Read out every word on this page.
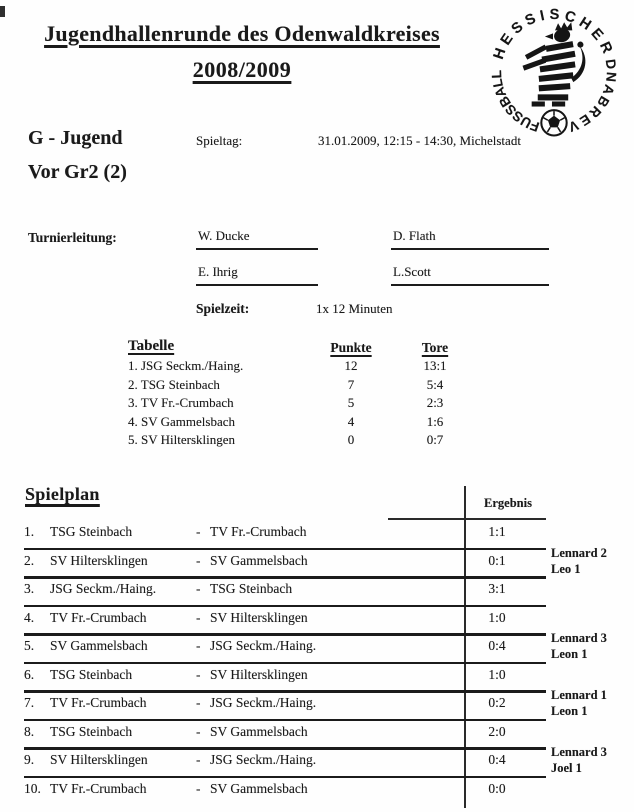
Jugendhallenrunde des Odenwaldkreises
2008/2009
HESSISCHER
FUSSBALL
V
E
R
B
A
N
D
G - Jugend
Vor Gr2 (2)
Spieltag:	31.01.2009, 12:15 - 14:30, Michelstadt
Turnierleitung:	W. Ducke	D. Flath
E. Ihrig	L.Scott
Spielzeit:	1x 12 Minuten
Tabelle	Punkte	Tore
1. JSG Seckm./Haing.	12	13:1
2. TSG Steinbach	7	5:4
3. TV Fr.-Crumbach	5	2:3
4. SV Gammelsbach	4	1:6
5. SV Hiltersklingen	0	0:7
Spielplan	Ergebnis
1.	TSG Steinbach	- TV Fr.-Crumbach	1:1
2.	SV Hiltersklingen	- SV Gammelsbach	0:1	Lennard 2
Leo 1
3.	JSG Seckm./Haing.	- TSG Steinbach	3:1
4.	TV Fr.-Crumbach	- SV Hiltersklingen	1:0
5.	SV Gammelsbach	- JSG Seckm./Haing.	0:4	Lennard 3
Leon 1
6.	TSG Steinbach	- SV Hiltersklingen	1:0
7.	TV Fr.-Crumbach	- JSG Seckm./Haing.	0:2	Lennard 1
Leon 1
8.	TSG Steinbach	- SV Gammelsbach	2:0
9.	SV Hiltersklingen	- JSG Seckm./Haing.	0:4	Lennard 3
Joel 1
10. TV Fr.-Crumbach	- SV Gammelsbach	0:0
